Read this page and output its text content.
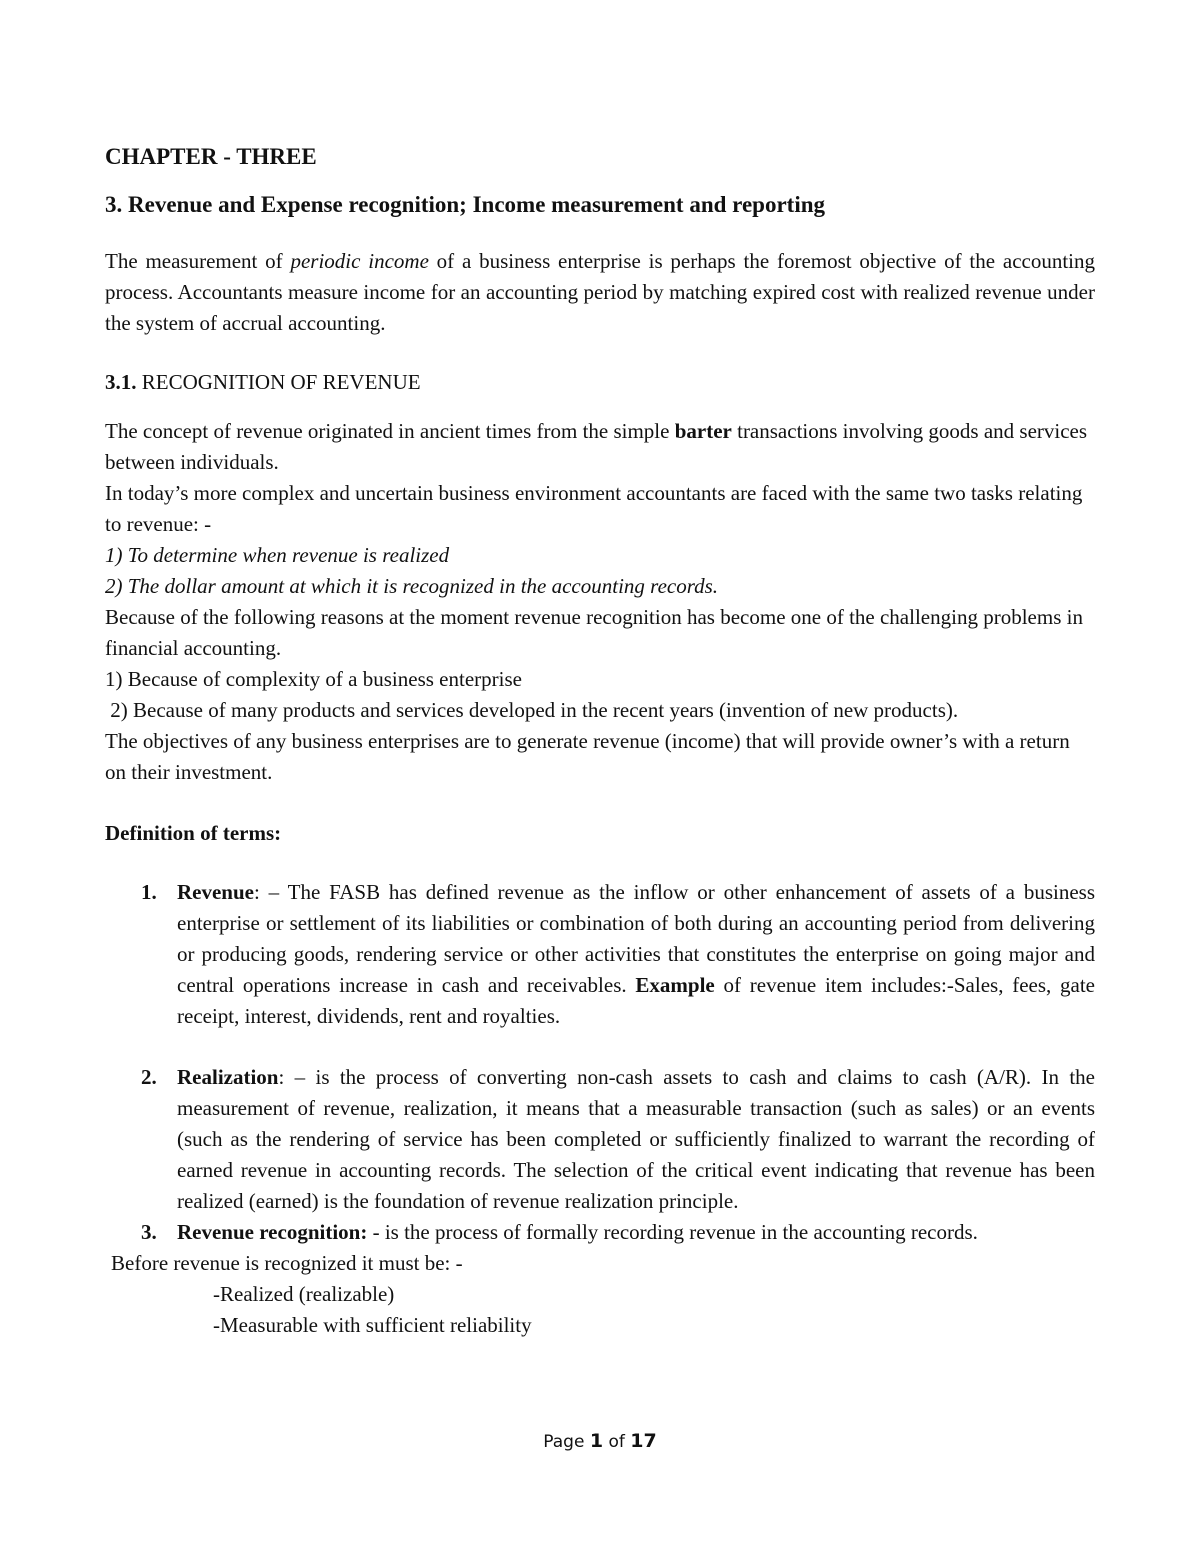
CHAPTER - THREE
3. Revenue and Expense recognition; Income measurement and reporting

The measurement of periodic income of a business enterprise is perhaps the foremost objective of the accounting process. Accountants measure income for an accounting period by matching expired cost with realized revenue under the system of accrual accounting.

3.1. RECOGNITION OF REVENUE

The concept of revenue originated in ancient times from the simple barter transactions involving goods and services between individuals.

In today’s more complex and uncertain business environment accountants are faced with the same two tasks relating to revenue: -

1) To determine when revenue is realized

2) The dollar amount at which it is recognized in the accounting records.

Because of the following reasons at the moment revenue recognition has become one of the challenging problems in financial accounting.

1) Because of complexity of a business enterprise

2) Because of many products and services developed in the recent years (invention of new products).

The objectives of any business enterprises are to generate revenue (income) that will provide owner’s with a return on their investment.

Definition of terms:

1. Revenue: – The FASB has defined revenue as the inflow or other enhancement of assets of a business enterprise or settlement of its liabilities or combination of both during an accounting period from delivering or producing goods, rendering service or other activities that constitutes the enterprise on going major and central operations increase in cash and receivables. Example of revenue item includes:-Sales, fees, gate receipt, interest, dividends, rent and royalties.
2. Realization: – is the process of converting non-cash assets to cash and claims to cash (A/R). In the measurement of revenue, realization, it means that a measurable transaction (such as sales) or an events (such as the rendering of service has been completed or sufficiently finalized to warrant the recording of earned revenue in accounting records. The selection of the critical event indicating that revenue has been realized (earned) is the foundation of revenue realization principle.
3. Revenue recognition: - is the process of formally recording revenue in the accounting records.

Before revenue is recognized it must be: -

-Realized (realizable)

-Measurable with sufficient reliability

Page 1 of 17
